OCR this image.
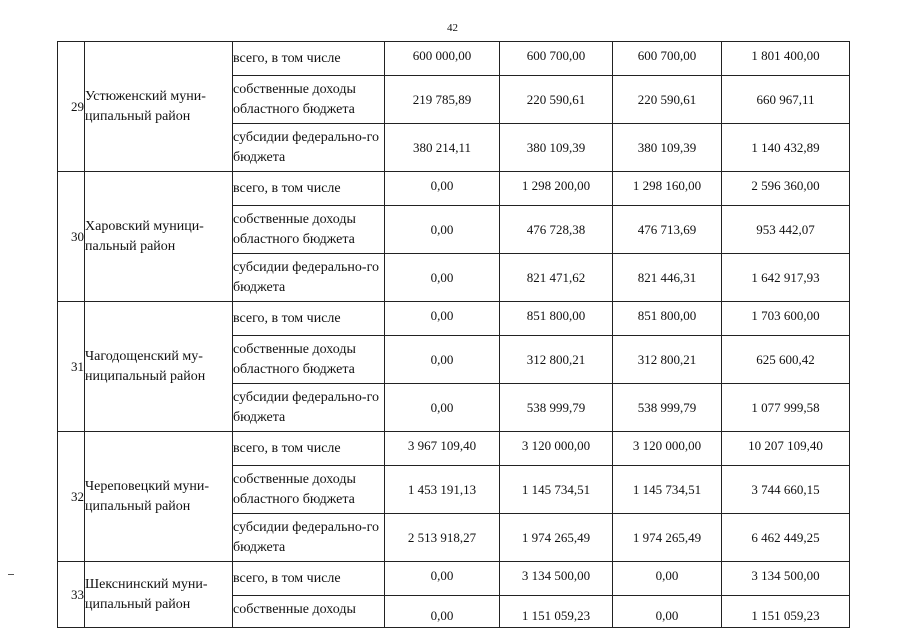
42
29	Устюженский муни-ципальный район	всего, в том числе	600 000,00	600 700,00	600 700,00	1 801 400,00
		собственные доходы областного бюджета	219 785,89	220 590,61	220 590,61	660 967,11
		субсидии федерально-го бюджета	380 214,11	380 109,39	380 109,39	1 140 432,89
30	Харовский муници-пальный район	всего, в том числе	0,00	1 298 200,00	1 298 160,00	2 596 360,00
		собственные доходы областного бюджета	0,00	476 728,38	476 713,69	953 442,07
		субсидии федерально-го бюджета	0,00	821 471,62	821 446,31	1 642 917,93
31	Чагодощенский му-ниципальный район	всего, в том числе	0,00	851 800,00	851 800,00	1 703 600,00
		собственные доходы областного бюджета	0,00	312 800,21	312 800,21	625 600,42
		субсидии федерально-го бюджета	0,00	538 999,79	538 999,79	1 077 999,58
32	Череповецкий муни-ципальный район	всего, в том числе	3 967 109,40	3 120 000,00	3 120 000,00	10 207 109,40
		собственные доходы областного бюджета	1 453 191,13	1 145 734,51	1 145 734,51	3 744 660,15
		субсидии федерально-го бюджета	2 513 918,27	1 974 265,49	1 974 265,49	6 462 449,25
33	Шекснинский муни-ципальный район	всего, в том числе	0,00	3 134 500,00	0,00	3 134 500,00
		собственные доходы	0,00	1 151 059,23	0,00	1 151 059,23
